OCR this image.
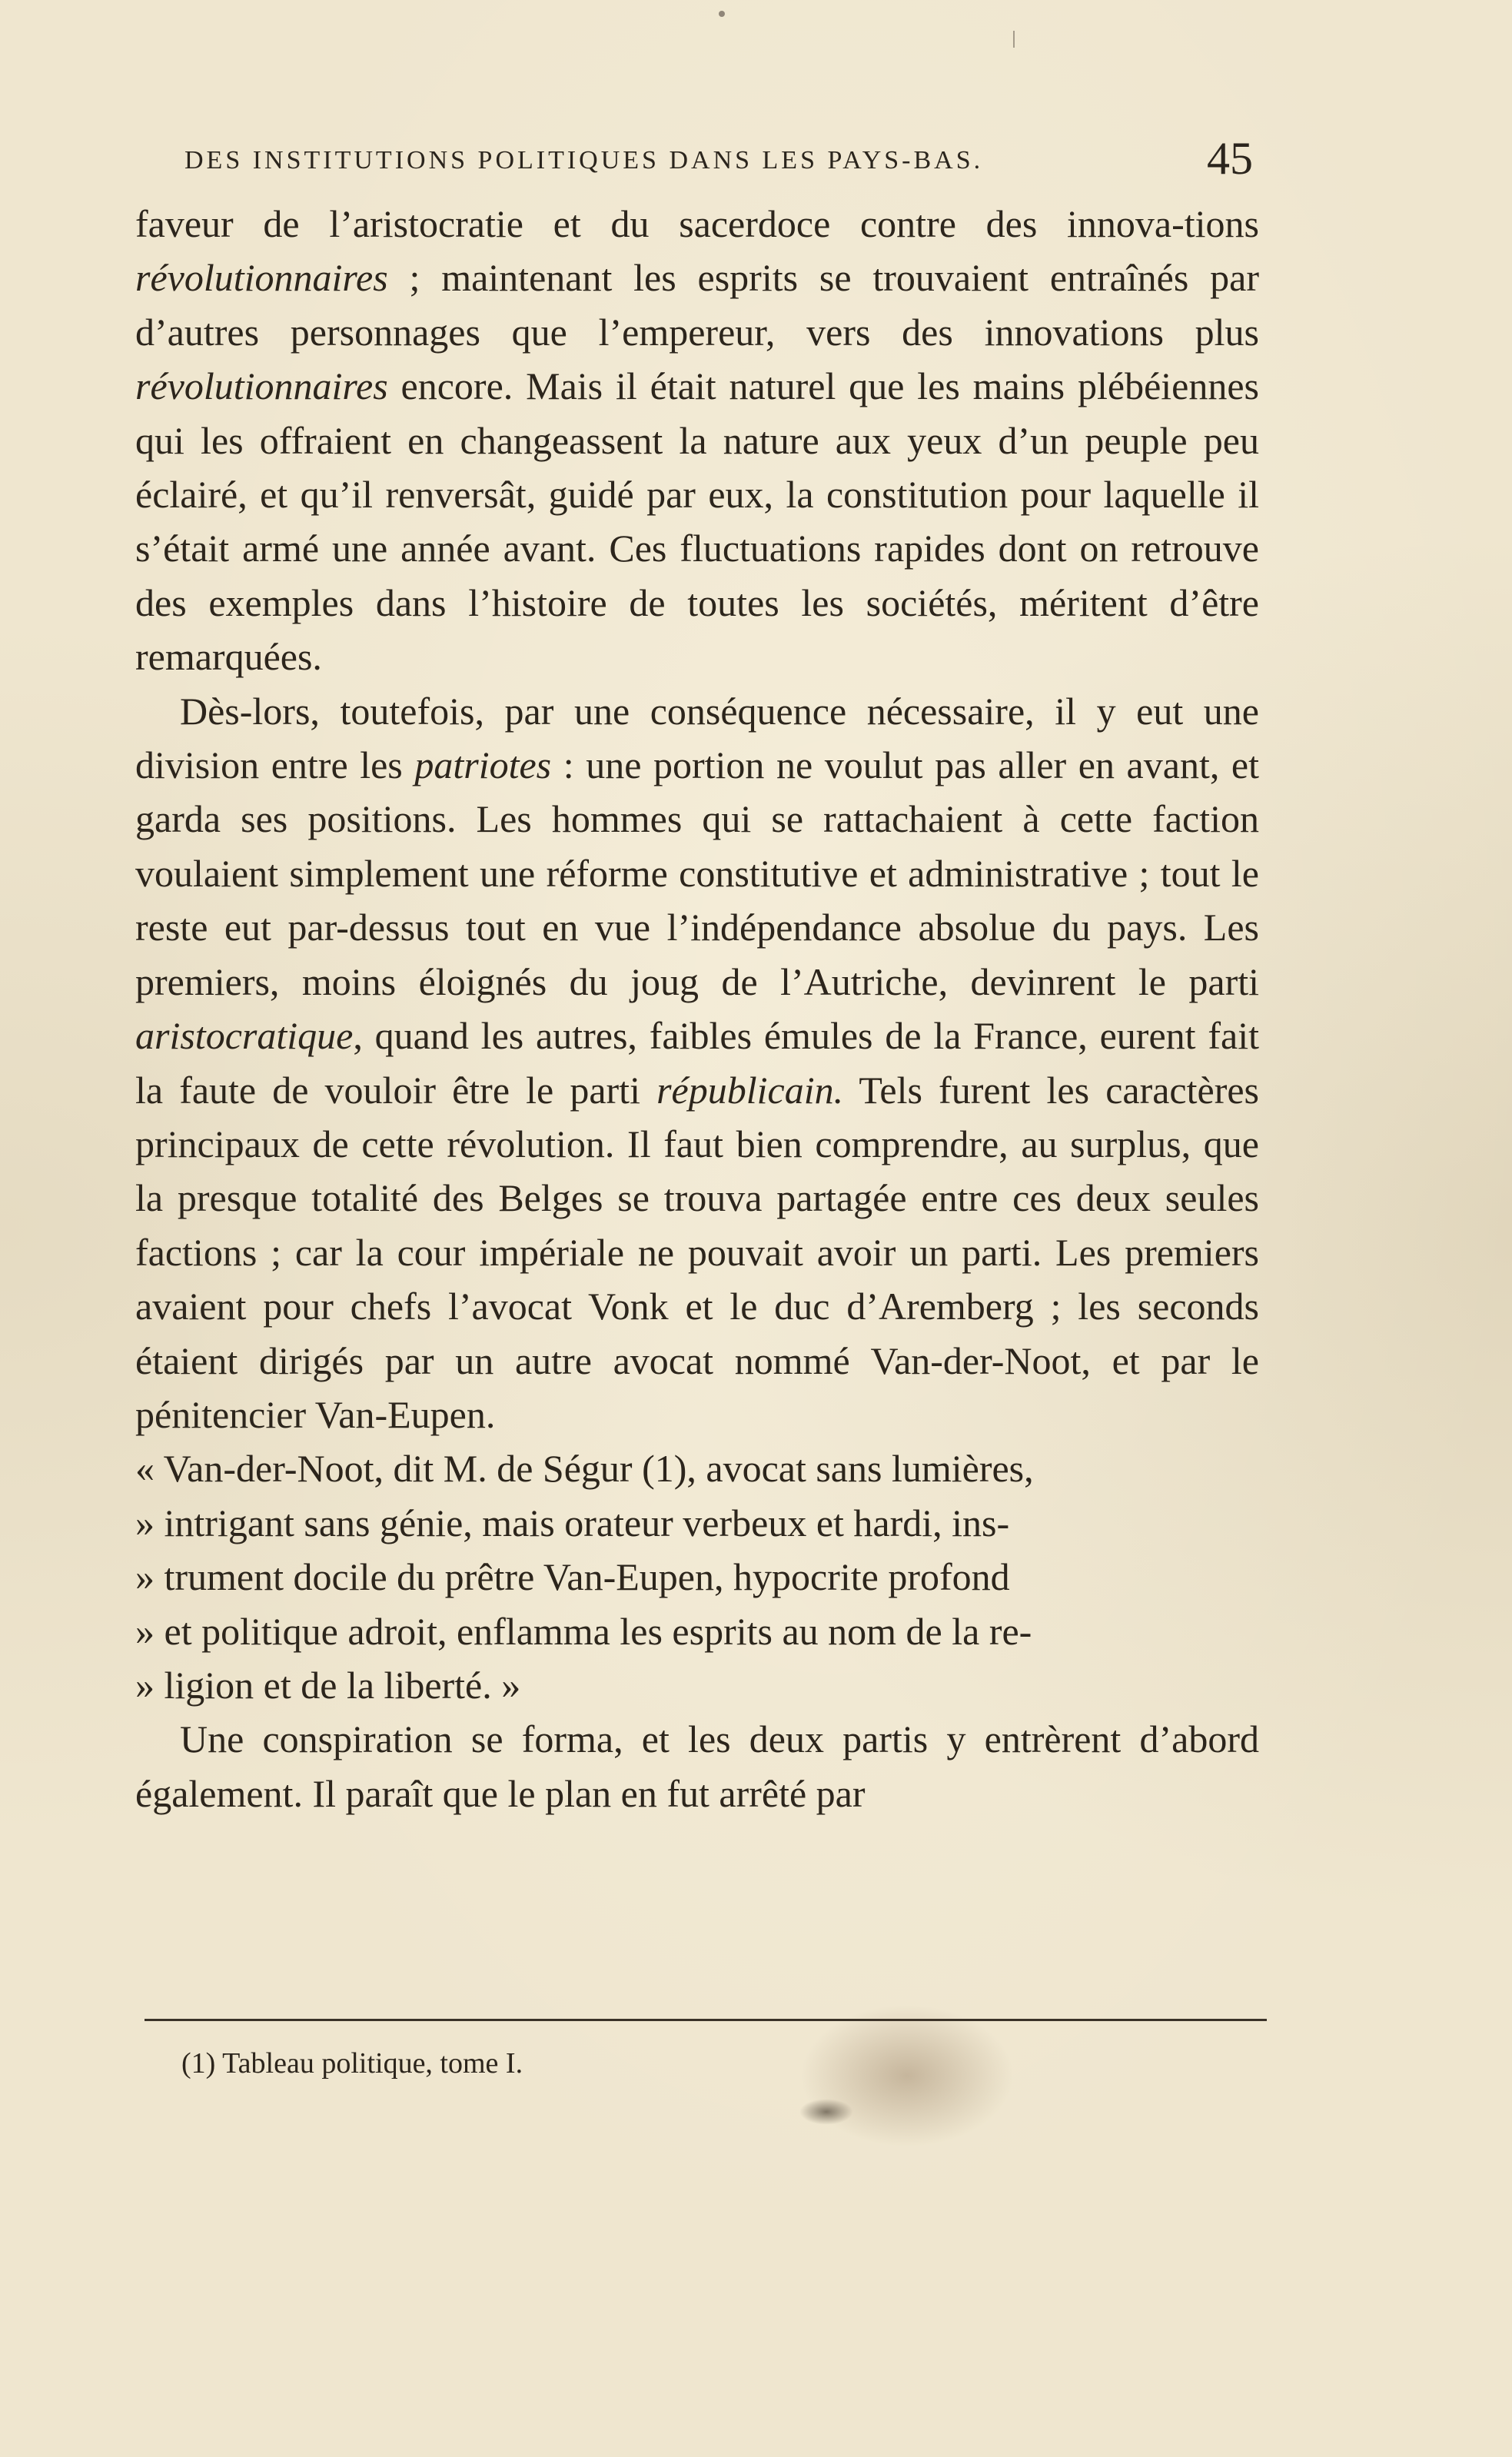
DES INSTITUTIONS POLITIQUES DANS LES PAYS-BAS.	45

faveur de l’aristocratie et du sacerdoce contre des innova-tions révolutionnaires ; maintenant les esprits se trouvaient entraînés par d’autres personnages que l’empereur, vers des innovations plus révolutionnaires encore. Mais il était naturel que les mains plébéiennes qui les offraient en changeassent la nature aux yeux d’un peuple peu éclairé, et qu’il renversât, guidé par eux, la constitution pour laquelle il s’était armé une année avant. Ces fluctuations rapides dont on retrouve des exemples dans l’histoire de toutes les sociétés, méritent d’être remarquées.

Dès-lors, toutefois, par une conséquence nécessaire, il y eut une division entre les patriotes : une portion ne voulut pas aller en avant, et garda ses positions. Les hommes qui se rattachaient à cette faction voulaient simplement une réforme constitutive et administrative ; tout le reste eut par-dessus tout en vue l’indépendance absolue du pays. Les premiers, moins éloignés du joug de l’Autriche, devinrent le parti aristocratique, quand les autres, faibles émules de la France, eurent fait la faute de vouloir être le parti républicain. Tels furent les caractères principaux de cette révolution. Il faut bien comprendre, au surplus, que la presque totalité des Belges se trouva partagée entre ces deux seules factions ; car la cour impériale ne pouvait avoir un parti. Les premiers avaient pour chefs l’avocat Vonk et le duc d’Aremberg ; les seconds étaient dirigés par un autre avocat nommé Van-der-Noot, et par le pénitencier Van-Eupen.

« Van-der-Noot, dit M. de Ségur (1), avocat sans lumières,
» intrigant sans génie, mais orateur verbeux et hardi, ins-
» trument docile du prêtre Van-Eupen, hypocrite profond
» et politique adroit, enflamma les esprits au nom de la re-
» ligion et de la liberté. »

Une conspiration se forma, et les deux partis y entrèrent d’abord également. Il paraît que le plan en fut arrêté par

(1) Tableau politique, tome I.
